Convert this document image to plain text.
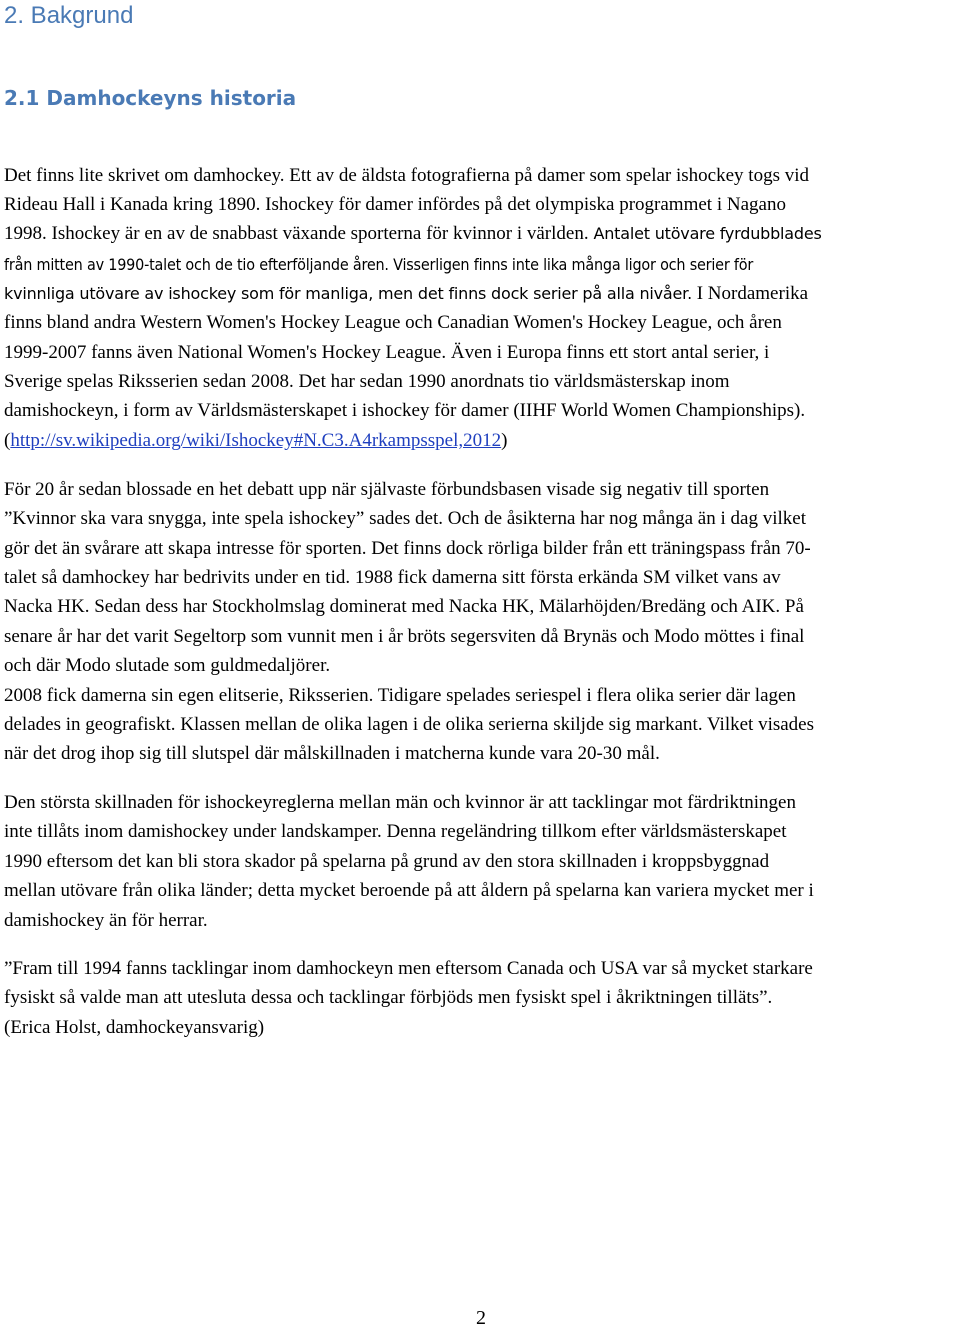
2. Bakgrund
2.1 Damhockeyns historia
Det finns lite skrivet om damhockey. Ett av de äldsta fotografierna på damer som spelar ishockey togs vid
Rideau Hall i Kanada kring 1890. Ishockey för damer infördes på det olympiska programmet i Nagano
1998. Ishockey är en av de snabbast växande sporterna för kvinnor i världen. Antalet utövare fyrdubblades
från mitten av 1990-talet och de tio efterföljande åren. Visserligen finns inte lika många ligor och serier för
kvinnliga utövare av ishockey som för manliga, men det finns dock serier på alla nivåer. I Nordamerika
finns bland andra Western Women's Hockey League och Canadian Women's Hockey League, och åren
1999-2007 fanns även National Women's Hockey League. Även i Europa finns ett stort antal serier, i
Sverige spelas Riksserien sedan 2008. Det har sedan 1990 anordnats tio världsmästerskap inom
damishockeyn, i form av Världsmästerskapet i ishockey för damer (IIHF World Women Championships).
(http://sv.wikipedia.org/wiki/Ishockey#N.C3.A4rkampsspel,2012)
För 20 år sedan blossade en het debatt upp när självaste förbundsbasen visade sig negativ till sporten
”Kvinnor ska vara snygga, inte spela ishockey” sades det. Och de åsikterna har nog många än i dag vilket
gör det än svårare att skapa intresse för sporten. Det finns dock rörliga bilder från ett träningspass från 70-
talet så damhockey har bedrivits under en tid. 1988 fick damerna sitt första erkända SM vilket vans av
Nacka HK. Sedan dess har Stockholmslag dominerat med Nacka HK, Mälarhöjden/Bredäng och AIK. På
senare år har det varit Segeltorp som vunnit men i år bröts segersviten då Brynäs och Modo möttes i final
och där Modo slutade som guldmedaljörer.
2008 fick damerna sin egen elitserie, Riksserien. Tidigare spelades seriespel i flera olika serier där lagen
delades in geografiskt. Klassen mellan de olika lagen i de olika serierna skiljde sig markant. Vilket visades
när det drog ihop sig till slutspel där målskillnaden i matcherna kunde vara 20-30 mål.
Den största skillnaden för ishockeyreglerna mellan män och kvinnor är att tacklingar mot färdriktningen
inte tillåts inom damishockey under landskamper. Denna regeländring tillkom efter världsmästerskapet
1990 eftersom det kan bli stora skador på spelarna på grund av den stora skillnaden i kroppsbyggnad
mellan utövare från olika länder; detta mycket beroende på att åldern på spelarna kan variera mycket mer i
damishockey än för herrar.
”Fram till 1994 fanns tacklingar inom damhockeyn men eftersom Canada och USA var så mycket starkare
fysiskt så valde man att utesluta dessa och tacklingar förbjöds men fysiskt spel i åkriktningen tilläts”.
(Erica Holst, damhockeyansvarig)
2
